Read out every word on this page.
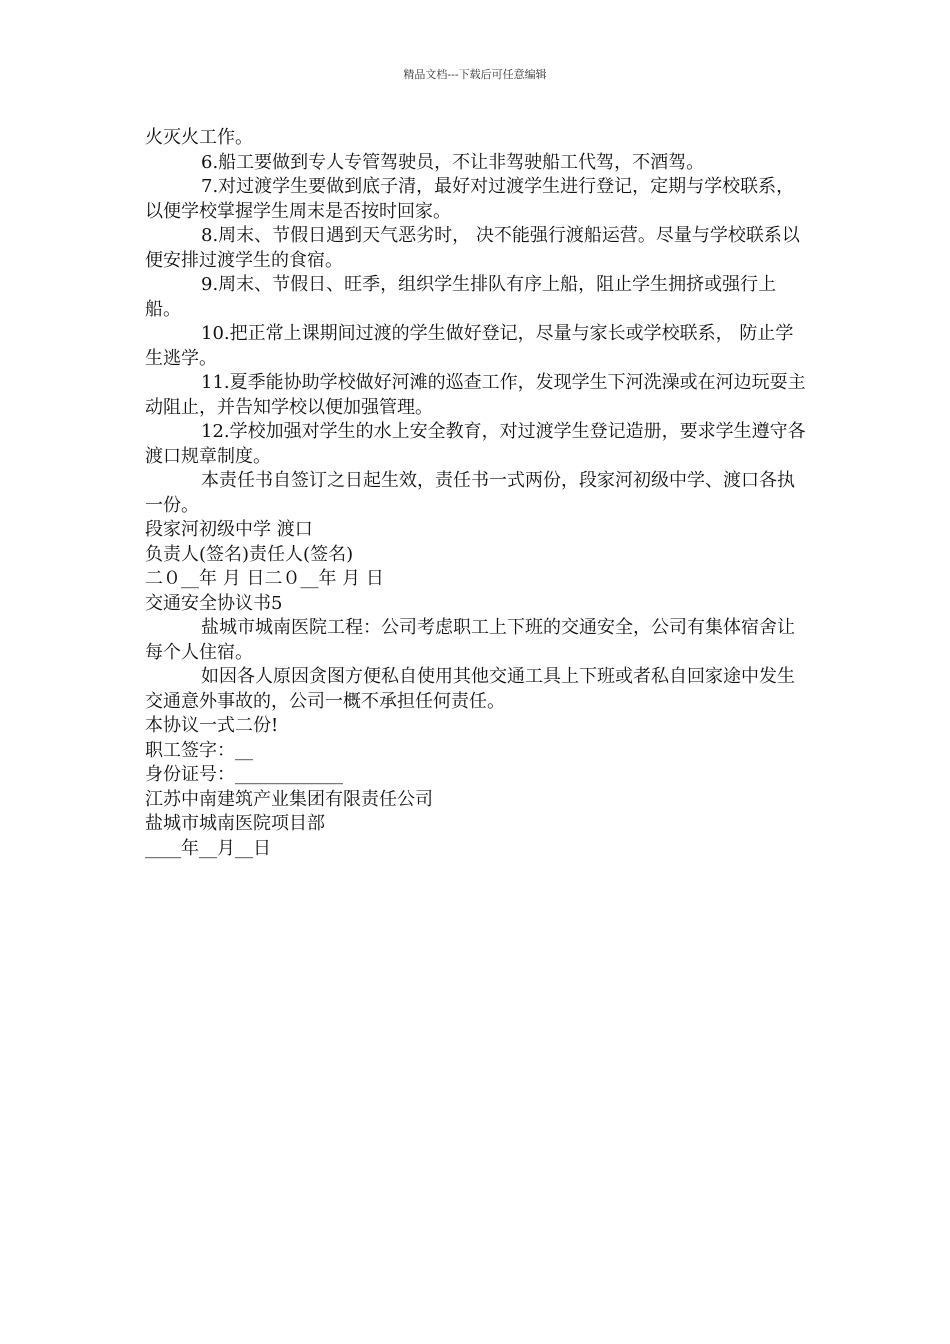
精品文档---下载后可任意编辑

火灭火工作。

6.船工要做到专人专管驾驶员，不让非驾驶船工代驾，不酒驾。

7.对过渡学生要做到底子清，最好对过渡学生进行登记，定期与学校联系，以便学校掌握学生周末是否按时回家。

8.周末、节假日遇到天气恶劣时， 决不能强行渡船运营。尽量与学校联系以便安排过渡学生的食宿。

9.周末、节假日、旺季，组织学生排队有序上船，阻止学生拥挤或强行上船。

10.把正常上课期间过渡的学生做好登记，尽量与家长或学校联系， 防止学生逃学。

11.夏季能协助学校做好河滩的巡查工作，发现学生下河洗澡或在河边玩耍主动阻止，并告知学校以便加强管理。

12.学校加强对学生的水上安全教育，对过渡学生登记造册，要求学生遵守各渡口规章制度。

本责任书自签订之日起生效，责任书一式两份，段家河初级中学、渡口各执一份。

段家河初级中学 渡口

负责人(签名)责任人(签名)

二０__年 月 日二０__年 月 日

交通安全协议书5

盐城市城南医院工程：公司考虑职工上下班的交通安全，公司有集体宿舍让每个人住宿。

如因各人原因贪图方便私自使用其他交通工具上下班或者私自回家途中发生交通意外事故的，公司一概不承担任何责任。

本协议一式二份!

职工签字：__

身份证号：____________

江苏中南建筑产业集团有限责任公司

盐城市城南医院项目部

____年__月__日
